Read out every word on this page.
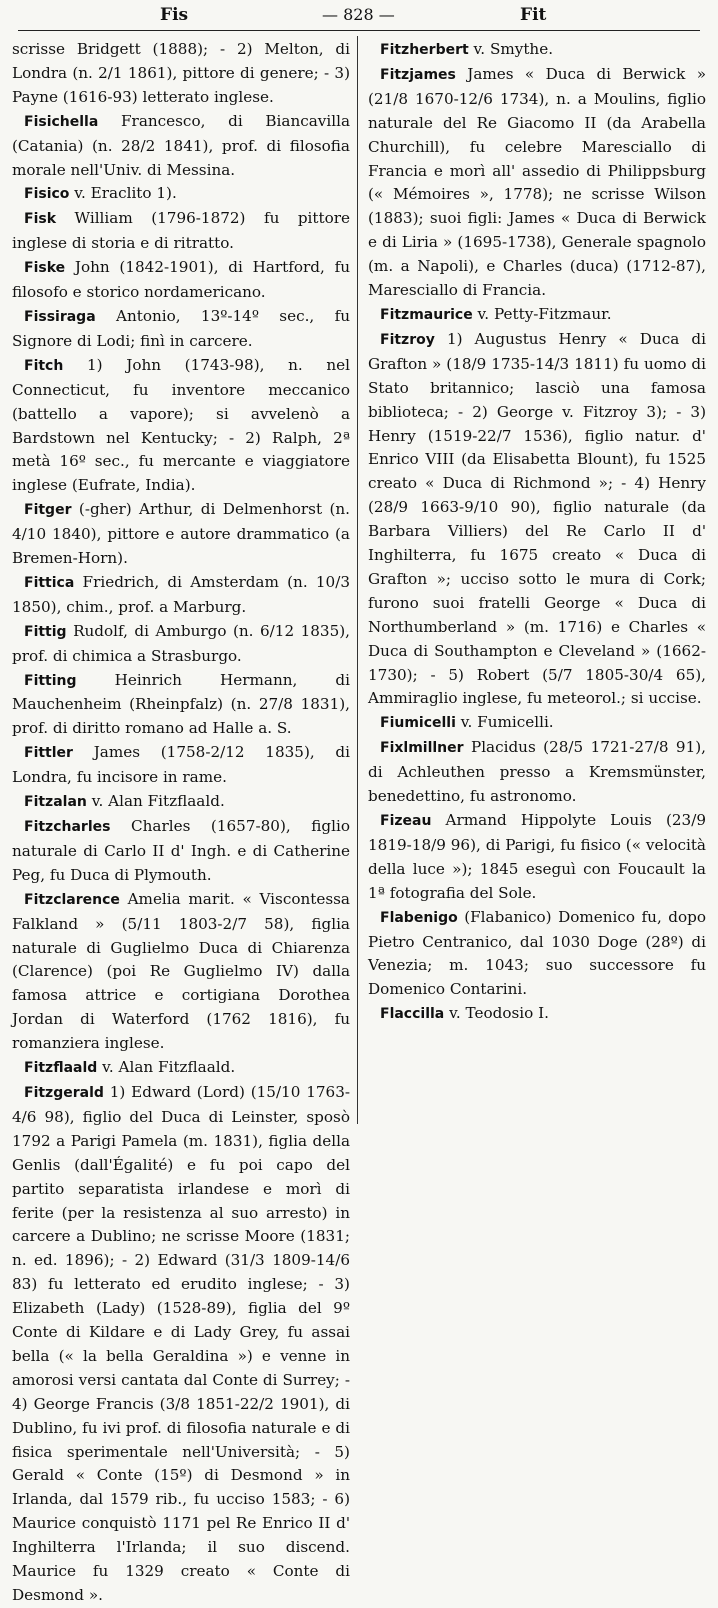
Fis	— 828 —	Fit

scrisse Bridgett (1888); - 2) Melton, di Londra (n. 2/1 1861), pittore di genere; - 3) Payne (1616-93) letterato inglese.

Fisichella Francesco, di Biancavilla (Catania) (n. 28/2 1841), prof. di filosofia morale nell'Univ. di Messina.

Fisico v. Eraclito 1).

Fisk William (1796-1872) fu pittore inglese di storia e di ritratto.

Fiske John (1842-1901), di Hartford, fu filosofo e storico nordamericano.

Fissiraga Antonio, 13º-14º sec., fu Signore di Lodi; finì in carcere.

Fitch 1) John (1743-98), n. nel Connecticut, fu inventore meccanico (battello a vapore); si avvelenò a Bardstown nel Kentucky; - 2) Ralph, 2ª metà 16º sec., fu mercante e viaggiatore inglese (Eufrate, India).

Fitger (-gher) Arthur, di Delmenhorst (n. 4/10 1840), pittore e autore drammatico (a Bremen-Horn).

Fittica Friedrich, di Amsterdam (n. 10/3 1850), chim., prof. a Marburg.

Fittig Rudolf, di Amburgo (n. 6/12 1835), prof. di chimica a Strasburgo.

Fitting	Heinrich Hermann, di Mauchenheim (Rheinpfalz) (n. 27/8 1831), prof. di diritto romano ad Halle a. S.

Fittler James (1758-2/12 1835), di Londra, fu incisore in rame.

Fitzalan v. Alan Fitzflaald.

Fitzcharles Charles (1657-80), figlio naturale di Carlo II d' Ingh. e di Catherine Peg, fu Duca di Plymouth.

Fitzclarence Amelia marit. « Viscontessa Falkland » (5/11 1803-2/7 58), figlia naturale di Guglielmo Duca di Chiarenza (Clarence) (poi Re Guglielmo IV) dalla famosa attrice e cortigiana Dorothea Jordan di Waterford (1762 1816), fu romanziera inglese.

Fitzflaald v. Alan Fitzflaald.

Fitzgerald 1) Edward (Lord) (15/10 1763-4/6 98), figlio del Duca di Leinster, sposò 1792 a Parigi Pamela (m. 1831), figlia della Genlis (dall'Égalité) e fu poi capo del partito separatista irlandese e morì di ferite (per la resistenza al suo arresto) in carcere a Dublino; ne scrisse Moore (1831; n. ed. 1896); - 2) Edward (31/3 1809-14/6 83) fu letterato ed erudito inglese; - 3) Elizabeth (Lady) (1528-89), figlia del 9º Conte di Kildare e di Lady Grey, fu assai bella (« la bella Geraldina ») e venne in amorosi versi cantata dal Conte di Surrey; - 4) George Francis (3/8 1851-22/2 1901), di Dublino, fu ivi prof. di filosofia naturale e di fisica sperimentale nell'Università; - 5) Gerald « Conte (15º) di Desmond » in Irlanda, dal 1579 rib., fu ucciso 1583; - 6) Maurice conquistò 1171 pel Re Enrico II d' Inghilterra l'Irlanda; il suo discend. Maurice fu 1329 creato « Conte di Desmond ».

Fitzherbert v. Smythe.

Fitzjames James « Duca di Berwick » (21/8 1670-12/6 1734), n. a Moulins, figlio naturale del Re Giacomo II (da Arabella Churchill), fu celebre Maresciallo di Francia e morì all' assedio di Philippsburg (« Mémoires », 1778); ne scrisse Wilson (1883); suoi figli: James « Duca di Berwick e di Liria » (1695-1738), Generale spagnolo (m. a Napoli), e Charles (duca) (1712-87), Maresciallo di Francia.

Fitzmaurice v. Petty-Fitzmaur.

Fitzroy 1) Augustus Henry « Duca di Grafton » (18/9 1735-14/3 1811) fu uomo di Stato britannico; lasciò una famosa biblioteca; - 2) George v. Fitzroy 3); - 3) Henry (1519-22/7 1536), figlio natur. d' Enrico VIII (da Elisabetta Blount), fu 1525 creato « Duca di Richmond »; - 4) Henry (28/9 1663-9/10 90), figlio naturale (da Barbara Villiers) del Re Carlo II d' Inghilterra, fu 1675 creato « Duca di Grafton »; ucciso sotto le mura di Cork; furono suoi fratelli George « Duca di Northumberland » (m. 1716) e Charles « Duca di Southampton e Cleveland » (1662-1730); - 5) Robert (5/7 1805-30/4 65), Ammiraglio inglese, fu meteorol.; si uccise.

Fiumicelli v. Fumicelli.

Fixlmillner Placidus (28/5 1721-27/8 91), di Achleuthen presso a Kremsmünster, benedettino, fu astronomo.

Fizeau Armand Hippolyte Louis (23/9 1819-18/9 96), di Parigi, fu fisico (« velocità della luce »); 1845 eseguì con Foucault la 1ª fotografia del Sole.

Flabenigo (Flabanico) Domenico fu, dopo Pietro Centranico, dal 1030 Doge (28º) di Venezia; m. 1043; suo successore fu Domenico Contarini.

Flaccilla v. Teodosio I.
